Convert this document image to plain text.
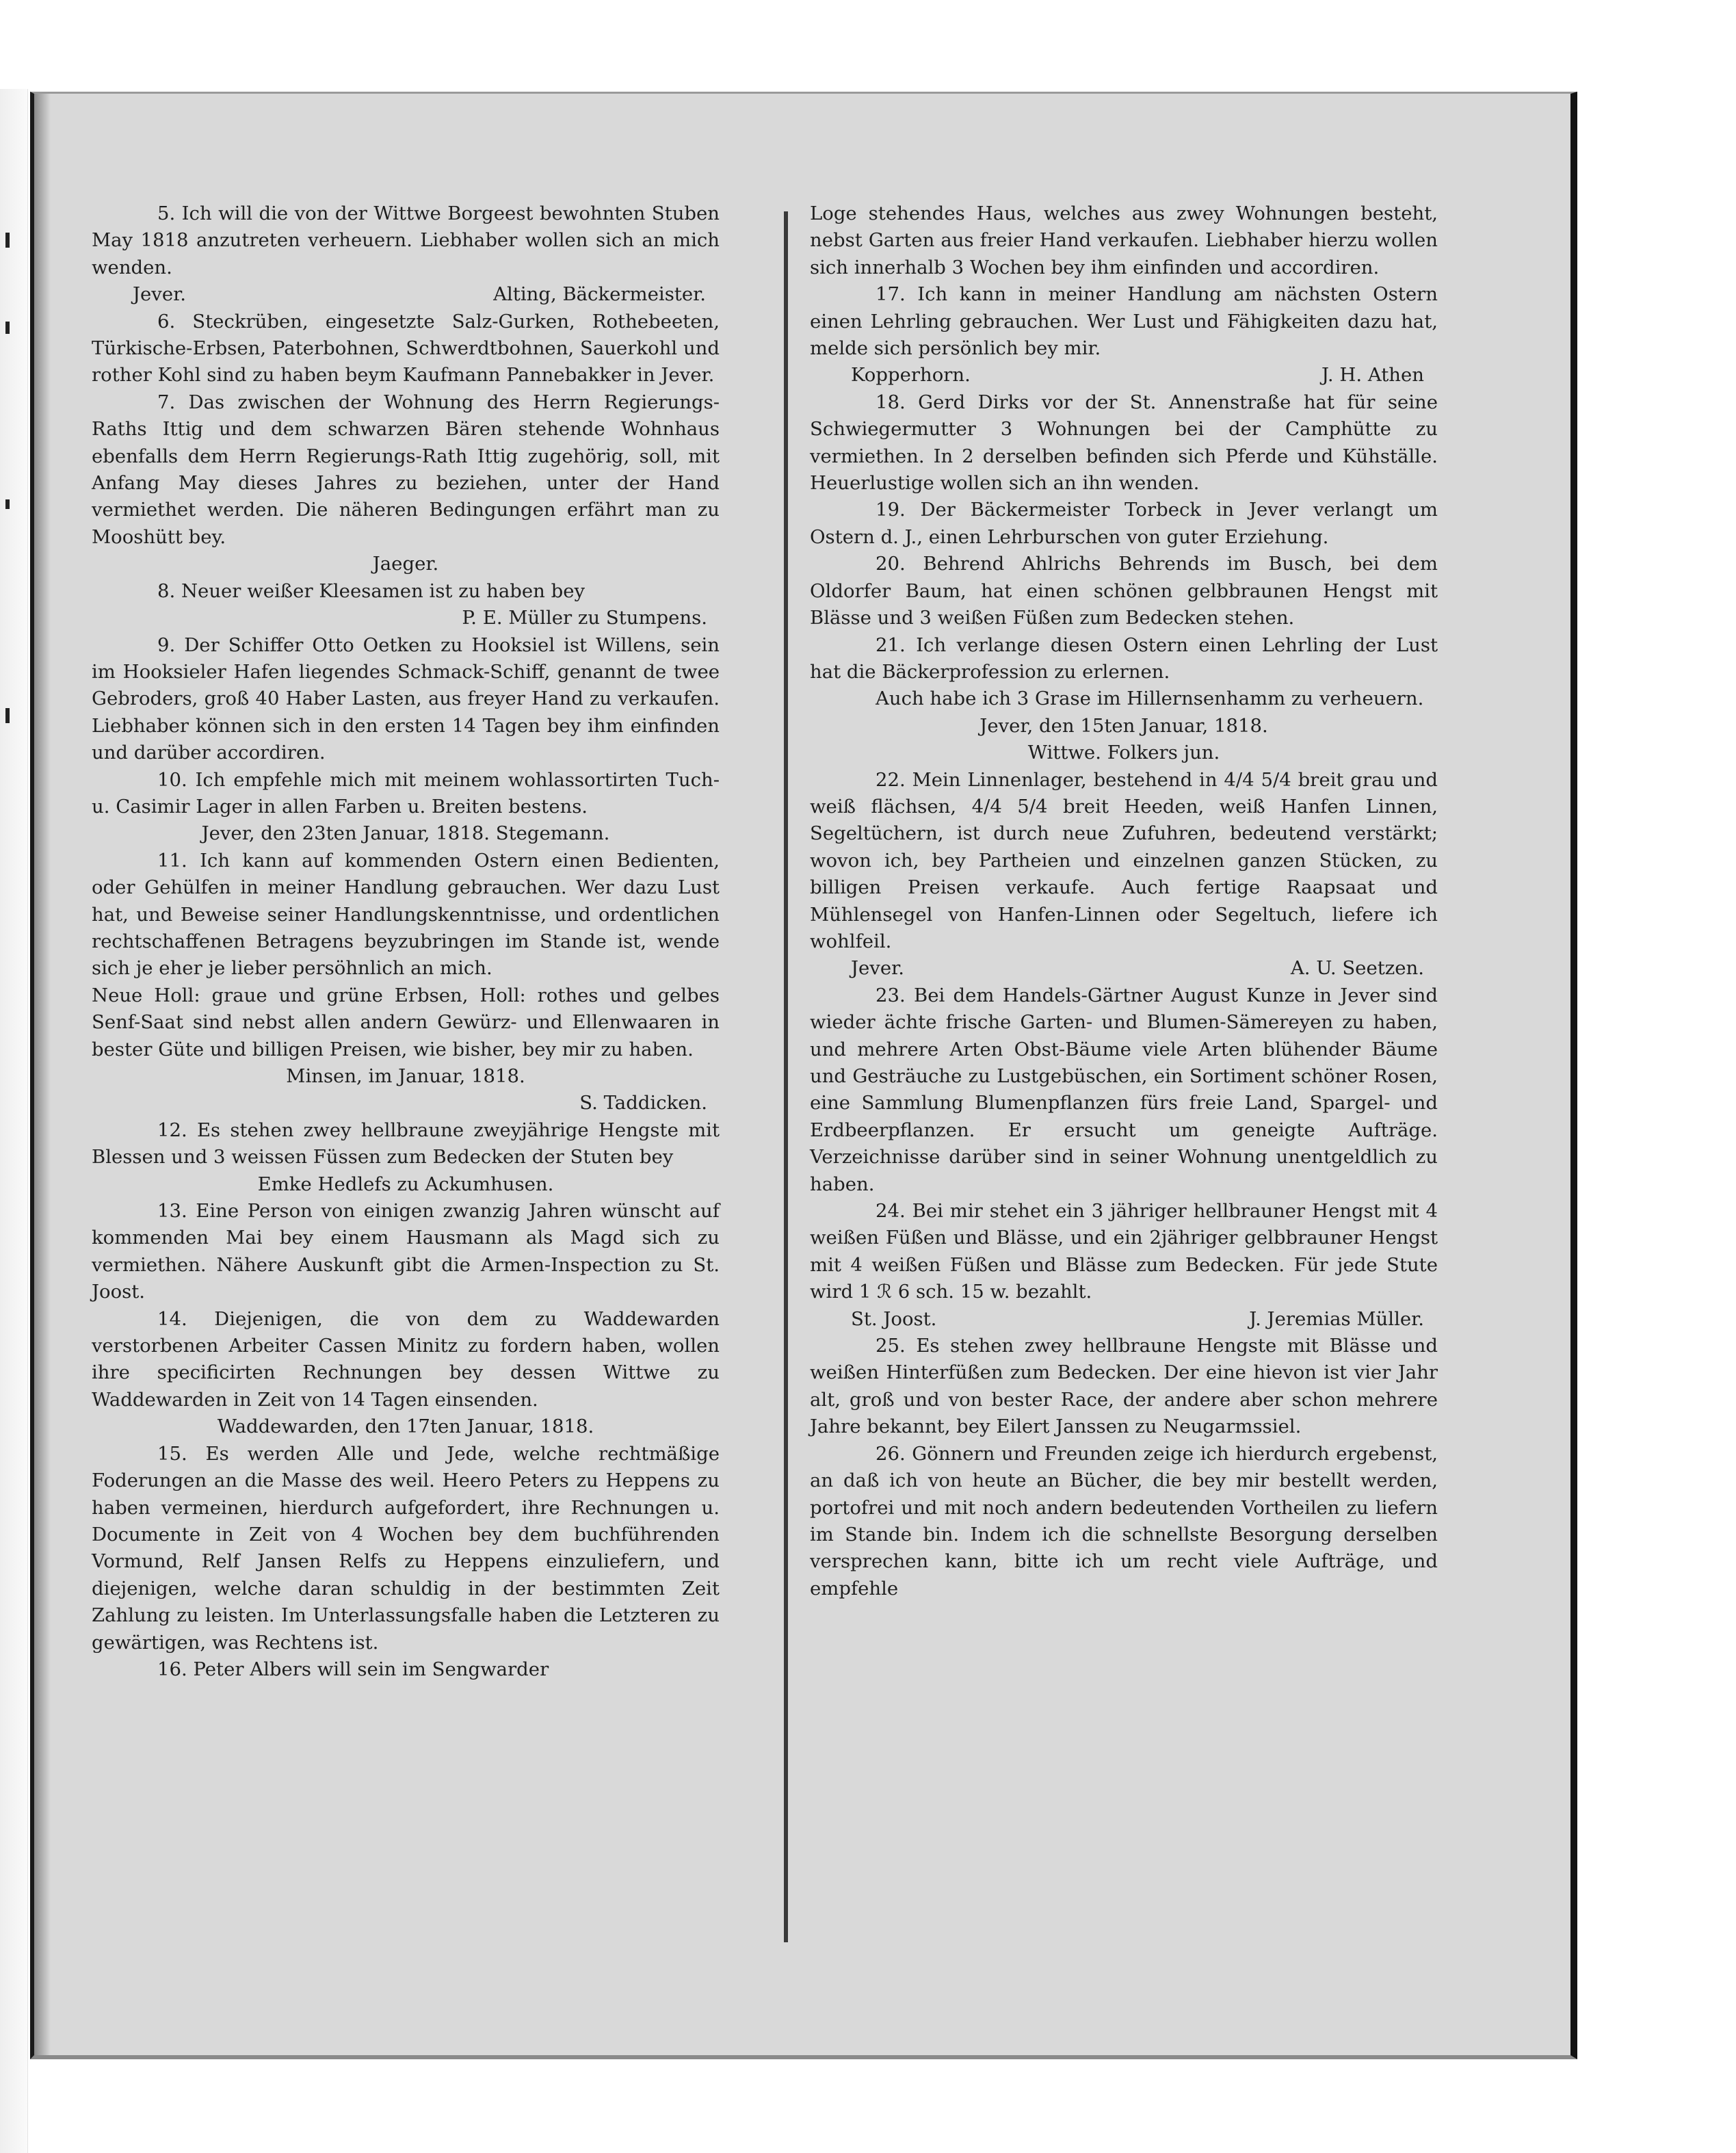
5. Ich will die von der Wittwe Borgeest bewohnten Stuben May 1818 anzutreten verheuern. Liebhaber wollen sich an mich wenden.

Jever.	Alting, Bäckermeister.

6. Steckrüben, eingesetzte Salz-Gurken, Rothebeeten, Türkische-Erbsen, Paterbohnen, Schwerdtbohnen, Sauerkohl und rother Kohl sind zu haben beym Kaufmann Pannebakker in Jever.

7. Das zwischen der Wohnung des Herrn Regierungs-Raths Ittig und dem schwarzen Bären stehende Wohnhaus ebenfalls dem Herrn Regierungs-Rath Ittig zugehörig, soll, mit Anfang May dieses Jahres zu beziehen, unter der Hand vermiethet werden. Die näheren Bedingungen erfährt man zu Mooshütt bey.

Jaeger.

8. Neuer weißer Kleesamen ist zu haben bey

P. E. Müller zu Stumpens.

9. Der Schiffer Otto Oetken zu Hooksiel ist Willens, sein im Hooksieler Hafen liegendes Schmack-Schiff, genannt de twee Gebroders, groß 40 Haber Lasten, aus freyer Hand zu verkaufen. Liebhaber können sich in den ersten 14 Tagen bey ihm einfinden und darüber accordiren.

10. Ich empfehle mich mit meinem wohlassortirten Tuch- u. Casimir Lager in allen Farben u. Breiten bestens.

Jever, den 23ten Januar, 1818. Stegemann.

11. Ich kann auf kommenden Ostern einen Bedienten, oder Gehülfen in meiner Handlung gebrauchen. Wer dazu Lust hat, und Beweise seiner Handlungskenntnisse, und ordentlichen rechtschaffenen Betragens beyzubringen im Stande ist, wende sich je eher je lieber persöhnlich an mich.

Neue Holl: graue und grüne Erbsen, Holl: rothes und gelbes Senf-Saat sind nebst allen andern Gewürz- und Ellenwaaren in bester Güte und billigen Preisen, wie bisher, bey mir zu haben.

Minsen, im Januar, 1818.
S. Taddicken.

12. Es stehen zwey hellbraune zweyjährige Hengste mit Blessen und 3 weissen Füssen zum Bedecken der Stuten bey

Emke Hedlefs zu Ackumhusen.

13. Eine Person von einigen zwanzig Jahren wünscht auf kommenden Mai bey einem Hausmann als Magd sich zu vermiethen. Nähere Auskunft gibt die Armen-Inspection zu St. Joost.

14. Diejenigen, die von dem zu Waddewarden verstorbenen Arbeiter Cassen Minitz zu fordern haben, wollen ihre specificirten Rechnungen bey dessen Wittwe zu Waddewarden in Zeit von 14 Tagen einsenden.

Waddewarden, den 17ten Januar, 1818.

15. Es werden Alle und Jede, welche rechtmäßige Foderungen an die Masse des weil. Heero Peters zu Heppens zu haben vermeinen, hierdurch aufgefordert, ihre Rechnungen u. Documente in Zeit von 4 Wochen bey dem buchführenden Vormund, Relf Jansen Relfs zu Heppens einzuliefern, und diejenigen, welche daran schuldig in der bestimmten Zeit Zahlung zu leisten. Im Unterlassungsfalle haben die Letzteren zu gewärtigen, was Rechtens ist.

16. Peter Albers will sein im Sengwarder

Loge stehendes Haus, welches aus zwey Wohnungen besteht, nebst Garten aus freier Hand verkaufen. Liebhaber hierzu wollen sich innerhalb 3 Wochen bey ihm einfinden und accordiren.

17. Ich kann in meiner Handlung am nächsten Ostern einen Lehrling gebrauchen. Wer Lust und Fähigkeiten dazu hat, melde sich persönlich bey mir.

Kopperhorn.	J. H. Athen

18. Gerd Dirks vor der St. Annenstraße hat für seine Schwiegermutter 3 Wohnungen bei der Camphütte zu vermiethen. In 2 derselben befinden sich Pferde und Kühställe. Heuerlustige wollen sich an ihn wenden.

19. Der Bäckermeister Torbeck in Jever verlangt um Ostern d. J., einen Lehrburschen von guter Erziehung.

20. Behrend Ahlrichs Behrends im Busch, bei dem Oldorfer Baum, hat einen schönen gelbbraunen Hengst mit Blässe und 3 weißen Füßen zum Bedecken stehen.

21. Ich verlange diesen Ostern einen Lehrling der Lust hat die Bäckerprofession zu erlernen.

Auch habe ich 3 Grase im Hillernsenhamm zu verheuern.

Jever, den 15ten Januar, 1818.
Wittwe. Folkers jun.

22. Mein Linnenlager, bestehend in 4/4 5/4 breit grau und weiß flächsen, 4/4 5/4 breit Heeden, weiß Hanfen Linnen, Segeltüchern, ist durch neue Zufuhren, bedeutend verstärkt; wovon ich, bey Partheien und einzelnen ganzen Stücken, zu billigen Preisen verkaufe. Auch fertige Raapsaat und Mühlensegel von Hanfen-Linnen oder Segeltuch, liefere ich wohlfeil.

Jever.	A. U. Seetzen.

23. Bei dem Handels-Gärtner August Kunze in Jever sind wieder ächte frische Garten- und Blumen-Sämereyen zu haben, und mehrere Arten Obst-Bäume viele Arten blühender Bäume und Gesträuche zu Lustgebüschen, ein Sortiment schöner Rosen, eine Sammlung Blumenpflanzen fürs freie Land, Spargel- und Erdbeerpflanzen. Er ersucht um geneigte Aufträge. Verzeichnisse darüber sind in seiner Wohnung unentgeldlich zu haben.

24. Bei mir stehet ein 3 jähriger hellbrauner Hengst mit 4 weißen Füßen und Blässe, und ein 2jähriger gelbbrauner Hengst mit 4 weißen Füßen und Blässe zum Bedecken. Für jede Stute wird 1 ℛ 6 sch. 15 w. bezahlt.

St. Joost.	J. Jeremias Müller.

25. Es stehen zwey hellbraune Hengste mit Blässe und weißen Hinterfüßen zum Bedecken. Der eine hievon ist vier Jahr alt, groß und von bester Race, der andere aber schon mehrere Jahre bekannt, bey Eilert Janssen zu Neugarmssiel.

26. Gönnern und Freunden zeige ich hierdurch ergebenst, an daß ich von heute an Bücher, die bey mir bestellt werden, portofrei und mit noch andern bedeutenden Vortheilen zu liefern im Stande bin. Indem ich die schnellste Besorgung derselben versprechen kann, bitte ich um recht viele Aufträge, und empfehle
